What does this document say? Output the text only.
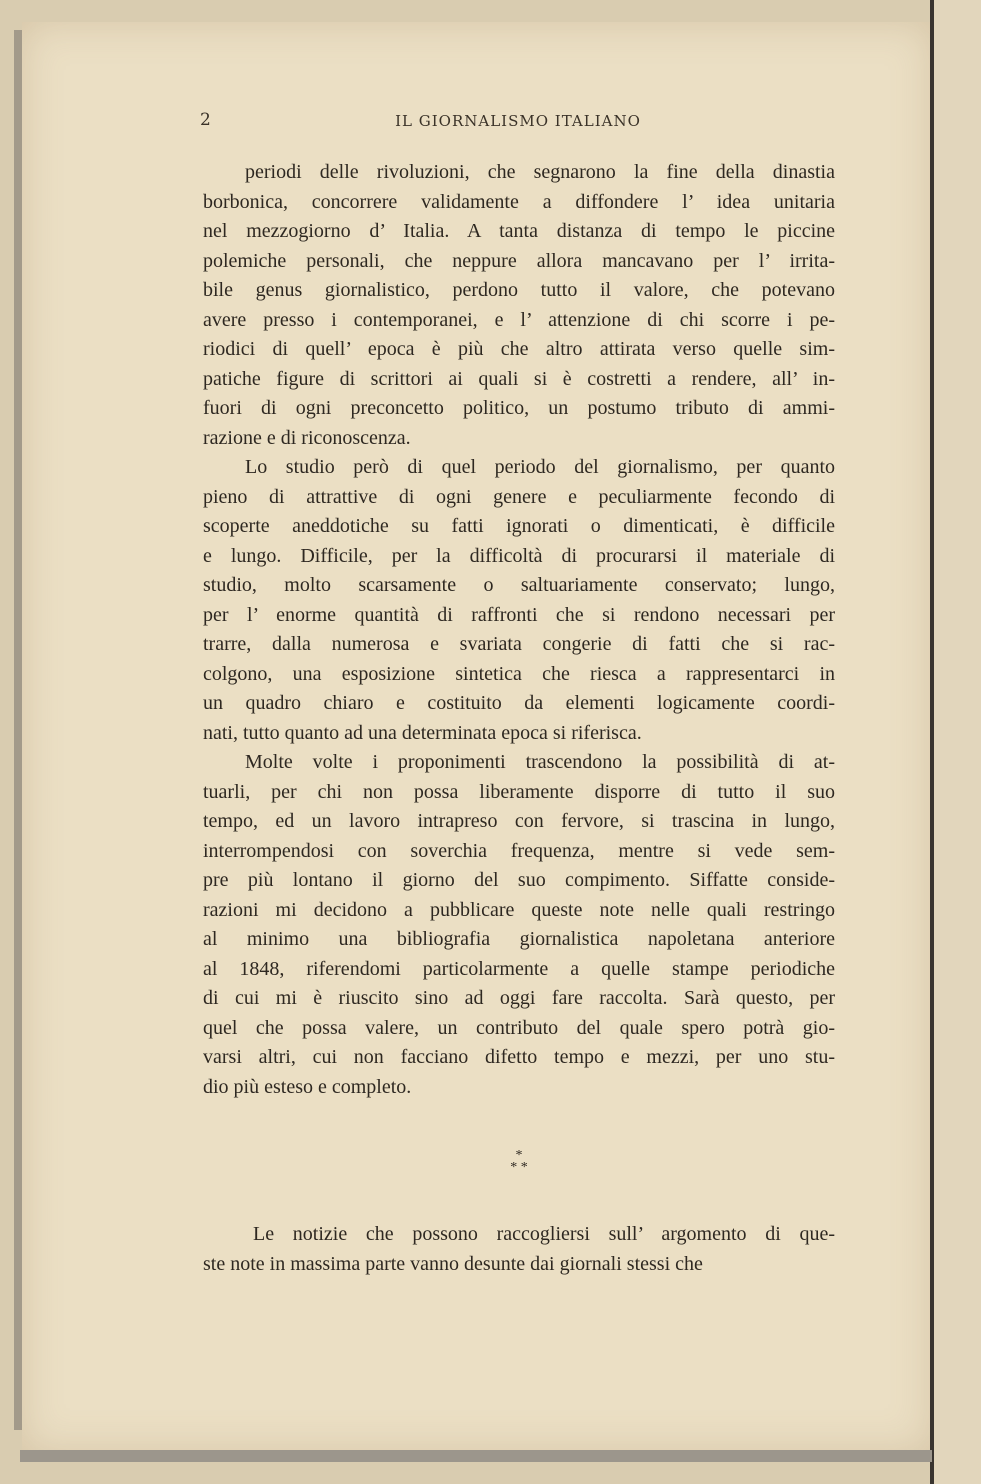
2	IL GIORNALISMO ITALIANO
periodi delle rivoluzioni, che segnarono la fine della dinastia
borbonica, concorrere validamente a diffondere l’ idea unitaria
nel mezzogiorno d’ Italia. A tanta distanza di tempo le piccine
polemiche personali, che neppure allora mancavano per l’ irrita-
bile genus giornalistico, perdono tutto il valore, che potevano
avere presso i contemporanei, e l’ attenzione di chi scorre i pe-
riodici di quell’ epoca è più che altro attirata verso quelle sim-
patiche figure di scrittori ai quali si è costretti a rendere, all’ in-
fuori di ogni preconcetto politico, un postumo tributo di ammi-
razione e di riconoscenza.
Lo studio però di quel periodo del giornalismo, per quanto
pieno di attrattive di ogni genere e peculiarmente fecondo di
scoperte aneddotiche su fatti ignorati o dimenticati, è difficile
e lungo. Difficile, per la difficoltà di procurarsi il materiale di
studio, molto scarsamente o saltuariamente conservato; lungo,
per l’ enorme quantità di raffronti che si rendono necessari per
trarre, dalla numerosa e svariata congerie di fatti che si rac-
colgono, una esposizione sintetica che riesca a rappresentarci in
un quadro chiaro e costituito da elementi logicamente coordi-
nati, tutto quanto ad una determinata epoca si riferisca.
Molte volte i proponimenti trascendono la possibilità di at-
tuarli, per chi non possa liberamente disporre di tutto il suo
tempo, ed un lavoro intrapreso con fervore, si trascina in lungo,
interrompendosi con soverchia frequenza, mentre si vede sem-
pre più lontano il giorno del suo compimento. Siffatte conside-
razioni mi decidono a pubblicare queste note nelle quali restringo
al minimo una bibliografia giornalistica napoletana anteriore
al 1848, riferendomi particolarmente a quelle stampe periodiche
di cui mi è riuscito sino ad oggi fare raccolta. Sarà questo, per
quel che possa valere, un contributo del quale spero potrà gio-
varsi altri, cui non facciano difetto tempo e mezzi, per uno stu-
dio più esteso e completo.
*
* *
Le notizie che possono raccogliersi sull’ argomento di que-
ste note in massima parte vanno desunte dai giornali stessi che
